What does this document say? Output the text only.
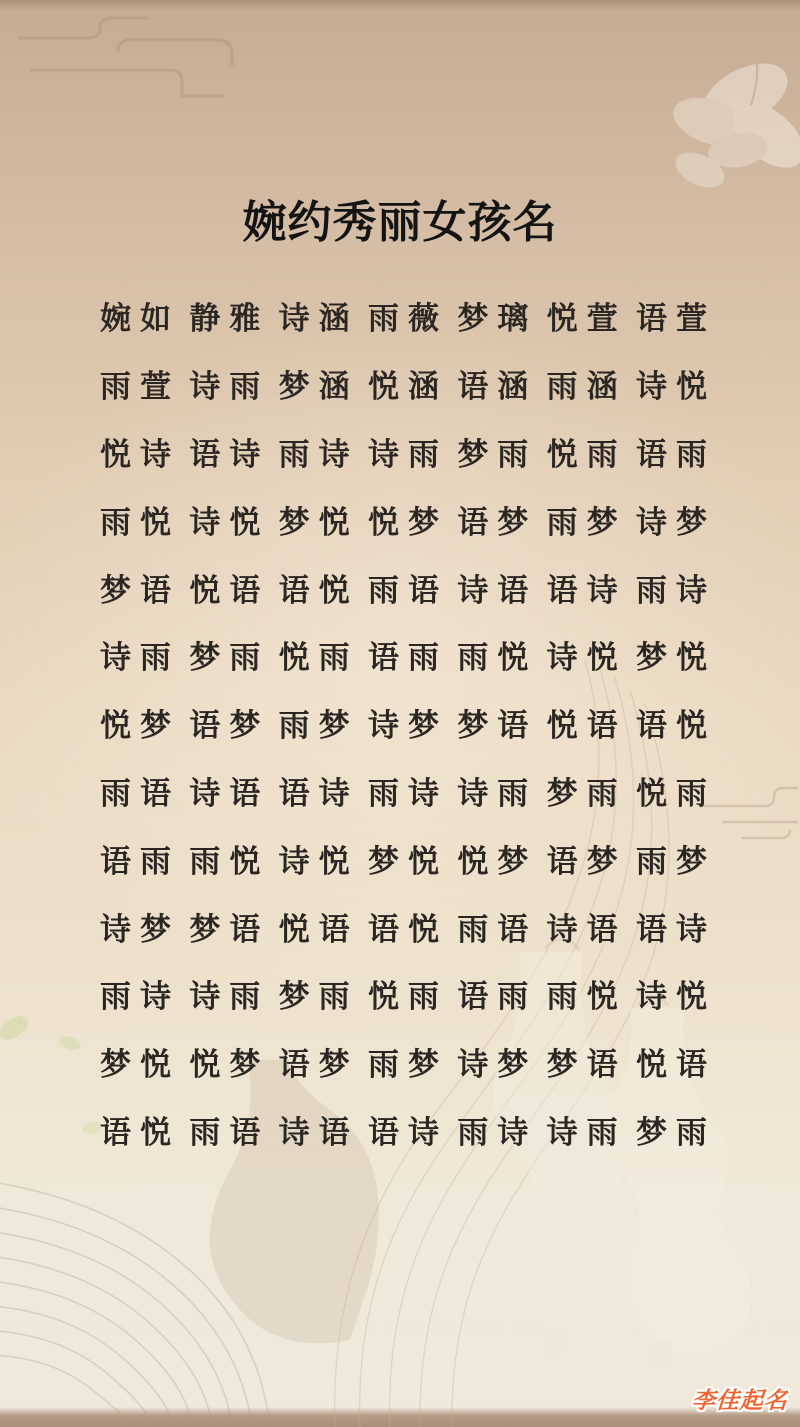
婉约秀丽女孩名
婉如 静雅 诗涵 雨薇 梦璃 悦萱 语萱
雨萱 诗雨 梦涵 悦涵 语涵 雨涵 诗悦
悦诗 语诗 雨诗 诗雨 梦雨 悦雨 语雨
雨悦 诗悦 梦悦 悦梦 语梦 雨梦 诗梦
梦语 悦语 语悦 雨语 诗语 语诗 雨诗
诗雨 梦雨 悦雨 语雨 雨悦 诗悦 梦悦
悦梦 语梦 雨梦 诗梦 梦语 悦语 语悦
雨语 诗语 语诗 雨诗 诗雨 梦雨 悦雨
语雨 雨悦 诗悦 梦悦 悦梦 语梦 雨梦
诗梦 梦语 悦语 语悦 雨语 诗语 语诗
雨诗 诗雨 梦雨 悦雨 语雨 雨悦 诗悦
梦悦 悦梦 语梦 雨梦 诗梦 梦语 悦语
语悦 雨语 诗语 语诗 雨诗 诗雨 梦雨
李佳起名
